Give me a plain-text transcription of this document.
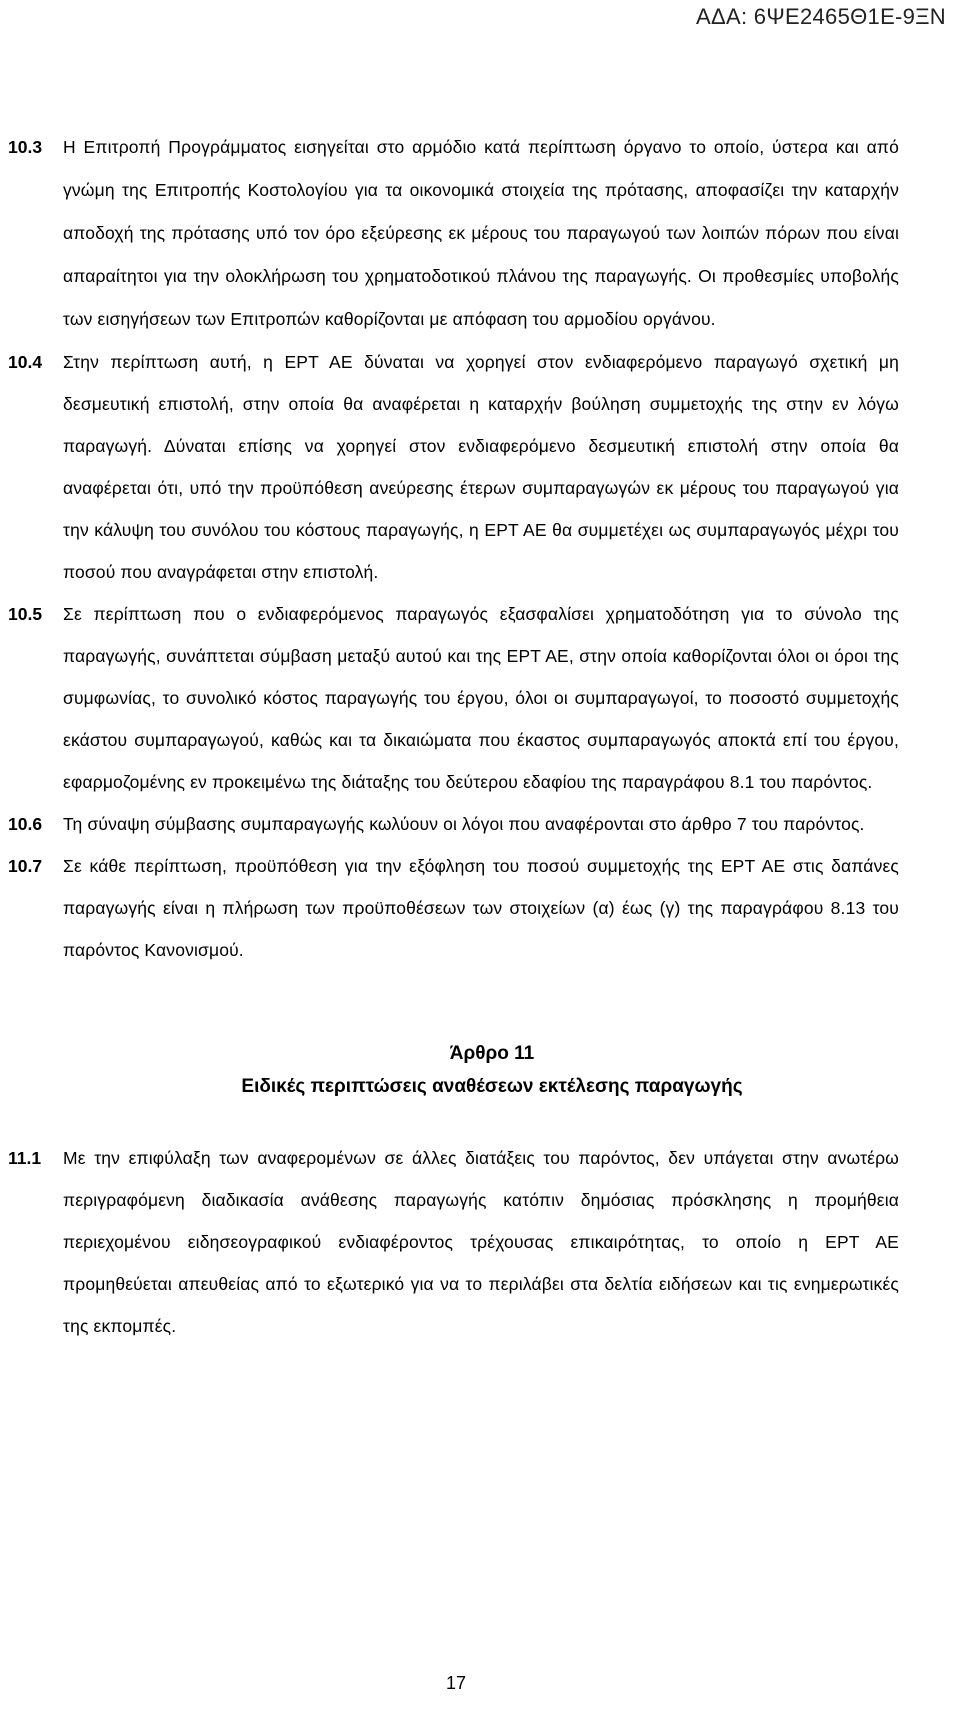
ΑΔΑ: 6ΨΕ2465Θ1Ε-9ΞΝ
10.3	Η Επιτροπή Προγράμματος εισηγείται στο αρμόδιο κατά περίπτωση όργανο το οποίο, ύστερα και από γνώμη της Επιτροπής Κοστολογίου για τα οικονομικά στοιχεία της πρότασης, αποφασίζει την καταρχήν αποδοχή της πρότασης υπό τον όρο εξεύρεσης εκ μέρους του παραγωγού των λοιπών πόρων που είναι απαραίτητοι για την ολοκλήρωση του χρηματοδοτικού πλάνου της παραγωγής. Οι προθεσμίες υποβολής των εισηγήσεων των Επιτροπών καθορίζονται με απόφαση του αρμοδίου οργάνου.
10.4	Στην περίπτωση αυτή, η ΕΡΤ ΑΕ δύναται να χορηγεί στον ενδιαφερόμενο παραγωγό σχετική μη δεσμευτική επιστολή, στην οποία θα αναφέρεται η καταρχήν βούληση συμμετοχής της στην εν λόγω παραγωγή. Δύναται επίσης να χορηγεί στον ενδιαφερόμενο δεσμευτική επιστολή στην οποία θα αναφέρεται ότι, υπό την προϋπόθεση ανεύρεσης έτερων συμπαραγωγών εκ μέρους του παραγωγού για την κάλυψη του συνόλου του κόστους παραγωγής, η ΕΡΤ ΑΕ θα συμμετέχει ως συμπαραγωγός μέχρι του ποσού που αναγράφεται στην επιστολή.
10.5	Σε περίπτωση που ο ενδιαφερόμενος παραγωγός εξασφαλίσει χρηματοδότηση για το σύνολο της παραγωγής, συνάπτεται σύμβαση μεταξύ αυτού και της ΕΡΤ ΑΕ, στην οποία καθορίζονται όλοι οι όροι της συμφωνίας, το συνολικό κόστος παραγωγής του έργου, όλοι οι συμπαραγωγοί, το ποσοστό συμμετοχής εκάστου συμπαραγωγού, καθώς και τα δικαιώματα που έκαστος συμπαραγωγός αποκτά επί του έργου, εφαρμοζομένης εν προκειμένω της διάταξης του δεύτερου εδαφίου της παραγράφου 8.1 του παρόντος.
10.6	Τη σύναψη σύμβασης συμπαραγωγής κωλύουν οι λόγοι που αναφέρονται στο άρθρο 7 του παρόντος.
10.7	Σε κάθε περίπτωση, προϋπόθεση για την εξόφληση του ποσού συμμετοχής της ΕΡΤ ΑΕ στις δαπάνες παραγωγής είναι η πλήρωση των προϋποθέσεων των στοιχείων (α) έως (γ) της παραγράφου 8.13 του παρόντος Κανονισμού.
Άρθρο 11
Ειδικές περιπτώσεις αναθέσεων εκτέλεσης παραγωγής
11.1	Με την επιφύλαξη των αναφερομένων σε άλλες διατάξεις του παρόντος, δεν υπάγεται στην ανωτέρω περιγραφόμενη διαδικασία ανάθεσης παραγωγής κατόπιν δημόσιας πρόσκλησης η προμήθεια περιεχομένου ειδησεογραφικού ενδιαφέροντος τρέχουσας επικαιρότητας, το οποίο η ΕΡΤ ΑΕ προμηθεύεται απευθείας από το εξωτερικό για να το περιλάβει στα δελτία ειδήσεων και τις ενημερωτικές της εκπομπές.
17
